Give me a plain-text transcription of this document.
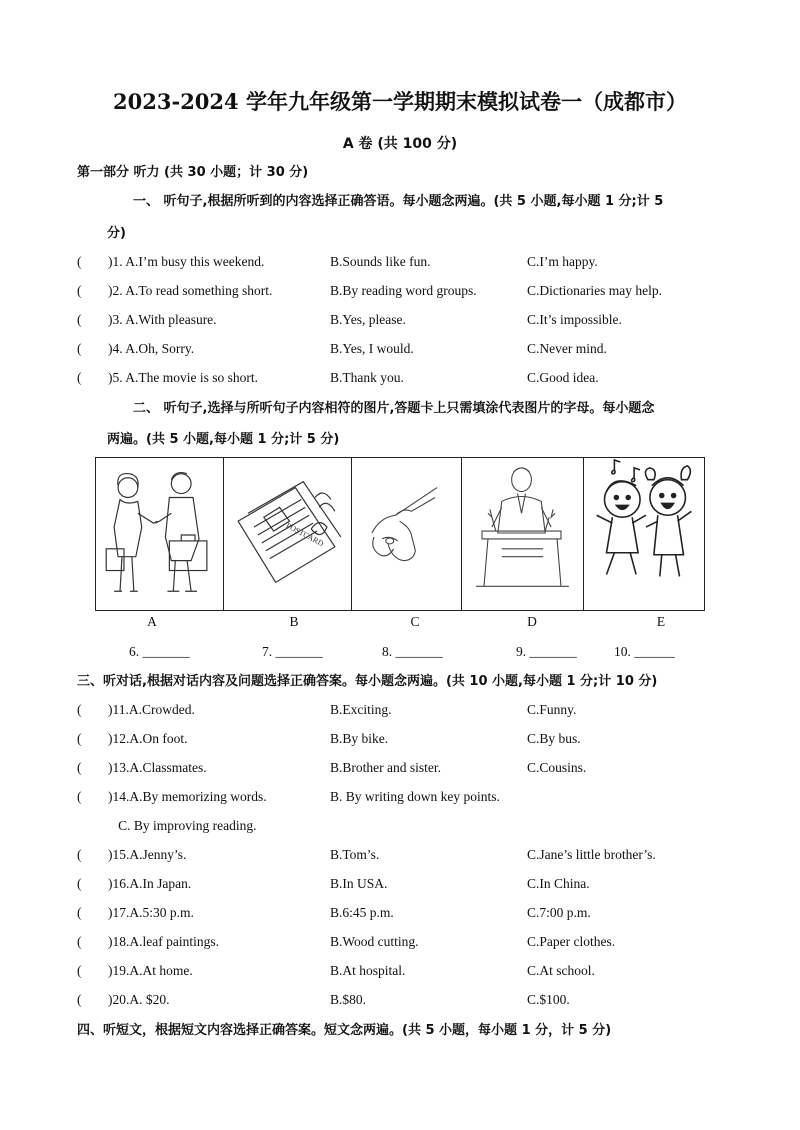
2023-2024 学年九年级第一学期期末模拟试卷一（成都市）
A 卷 (共 100 分)
第一部分 听力 (共 30 小题；计 30 分)
一、 听句子,根据所听到的内容选择正确答语。每小题念两遍。(共 5 小题,每小题 1 分;计 5
分)
( )1. A.I’m busy this weekend.	B.Sounds like fun.	C.I’m happy.
( )2. A.To read something short.	B.By reading word groups.	C.Dictionaries may help.
( )3. A.With pleasure.	B.Yes, please.	C.It’s impossible.
( )4. A.Oh, Sorry.	B.Yes, I would.	C.Never mind.
( )5. A.The movie is so short.	B.Thank you.	C.Good idea.
二、 听句子,选择与所听句子内容相符的图片,答题卡上只需填涂代表图片的字母。每小题念
两遍。(共 5 小题,每小题 1 分;计 5 分)
POSTCARD
A	B	C	D	E
6. _______	7. _______	8. _______	9. _______	10. ______
三、听对话,根据对话内容及问题选择正确答案。每小题念两遍。(共 10 小题,每小题 1 分;计 10 分)
( )11.A.Crowded.	B.Exciting.	C.Funny.
( )12.A.On foot.	B.By bike.	C.By bus.
( )13.A.Classmates.	B.Brother and sister.	C.Cousins.
( )14.A.By memorizing words.	B. By writing down key points.
C. By improving reading.
( )15.A.Jenny’s.	B.Tom’s.	C.Jane’s little brother’s.
( )16.A.In Japan.	B.In USA.	C.In China.
( )17.A.5:30 p.m.	B.6:45 p.m.	C.7:00 p.m.
( )18.A.leaf paintings.	B.Wood cutting.	C.Paper clothes.
( )19.A.At home.	B.At hospital.	C.At school.
( )20.A. $20.	B.$80.	C.$100.
四、听短文，根据短文内容选择正确答案。短文念两遍。(共 5 小题，每小题 1 分，计 5 分)
